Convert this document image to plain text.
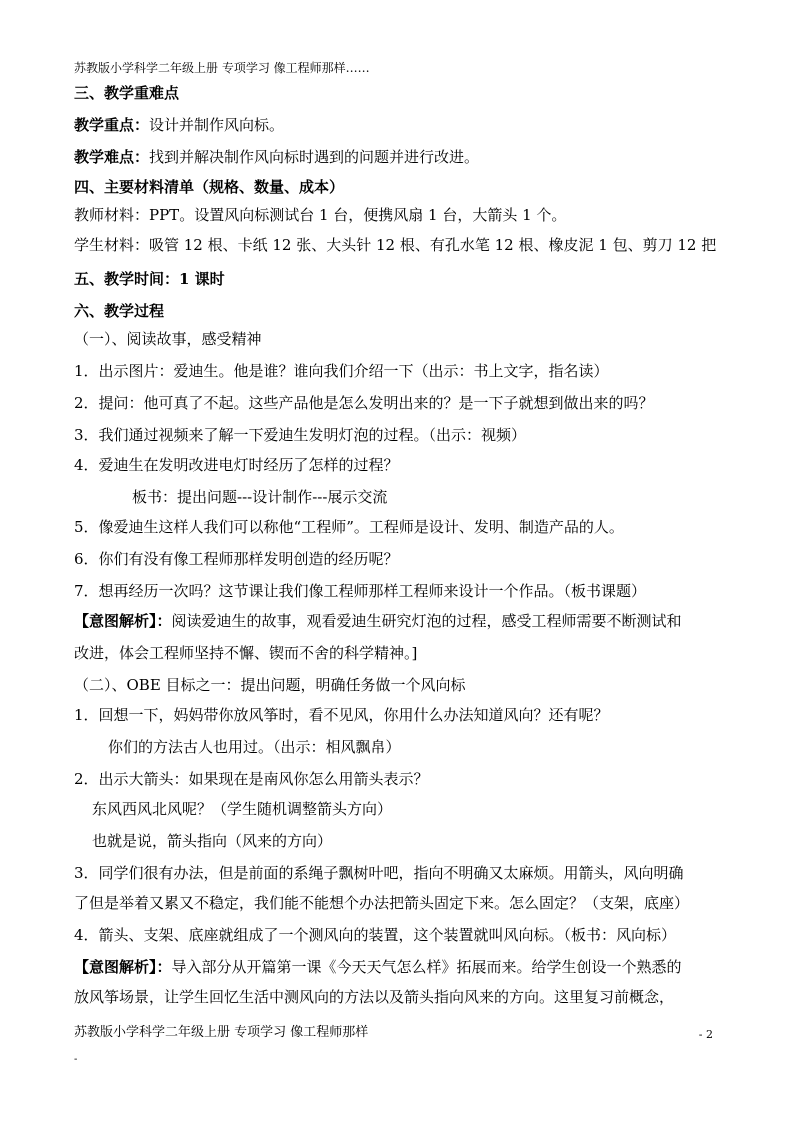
苏教版小学科学二年级上册 专项学习 像工程师那样……
三、教学重难点
教学重点：设计并制作风向标。
教学难点：找到并解决制作风向标时遇到的问题并进行改进。
四、主要材料清单（规格、数量、成本）
教师材料：PPT。设置风向标测试台 1 台，便携风扇 1 台，大箭头 1 个。
学生材料：吸管 12 根、卡纸 12 张、大头针 12 根、有孔水笔 12 根、橡皮泥 1 包、剪刀 12 把
五、教学时间：1 课时
六、教学过程
（一）、阅读故事，感受精神
1．出示图片：爱迪生。他是谁？谁向我们介绍一下（出示：书上文字，指名读）
2．提问：他可真了不起。这些产品他是怎么发明出来的？是一下子就想到做出来的吗？
3．我们通过视频来了解一下爱迪生发明灯泡的过程。（出示：视频）
4．爱迪生在发明改进电灯时经历了怎样的过程？
板书：提出问题---设计制作---展示交流
5．像爱迪生这样人我们可以称他“工程师”。工程师是设计、发明、制造产品的人。
6．你们有没有像工程师那样发明创造的经历呢？
7．想再经历一次吗？这节课让我们像工程师那样工程师来设计一个作品。（板书课题）
【意图解析】：阅读爱迪生的故事，观看爱迪生研究灯泡的过程，感受工程师需要不断测试和
改进，体会工程师坚持不懈、锲而不舍的科学精神。]
（二）、OBE 目标之一：提出问题，明确任务做一个风向标
1．回想一下，妈妈带你放风筝时，看不见风，你用什么办法知道风向？还有呢？
你们的方法古人也用过。（出示：相风飘帛）
2．出示大箭头：如果现在是南风你怎么用箭头表示？
东风西风北风呢？（学生随机调整箭头方向）
也就是说，箭头指向（风来的方向）
3．同学们很有办法，但是前面的系绳子飘树叶吧，指向不明确又太麻烦。用箭头，风向明确
了但是举着又累又不稳定，我们能不能想个办法把箭头固定下来。怎么固定？（支架，底座）
4．箭头、支架、底座就组成了一个测风向的装置，这个装置就叫风向标。（板书：风向标）
【意图解析】：导入部分从开篇第一课《今天天气怎么样》拓展而来。给学生创设一个熟悉的
放风筝场景，让学生回忆生活中测风向的方法以及箭头指向风来的方向。这里复习前概念，
苏教版小学科学二年级上册 专项学习 像工程师那样	- 2
-
